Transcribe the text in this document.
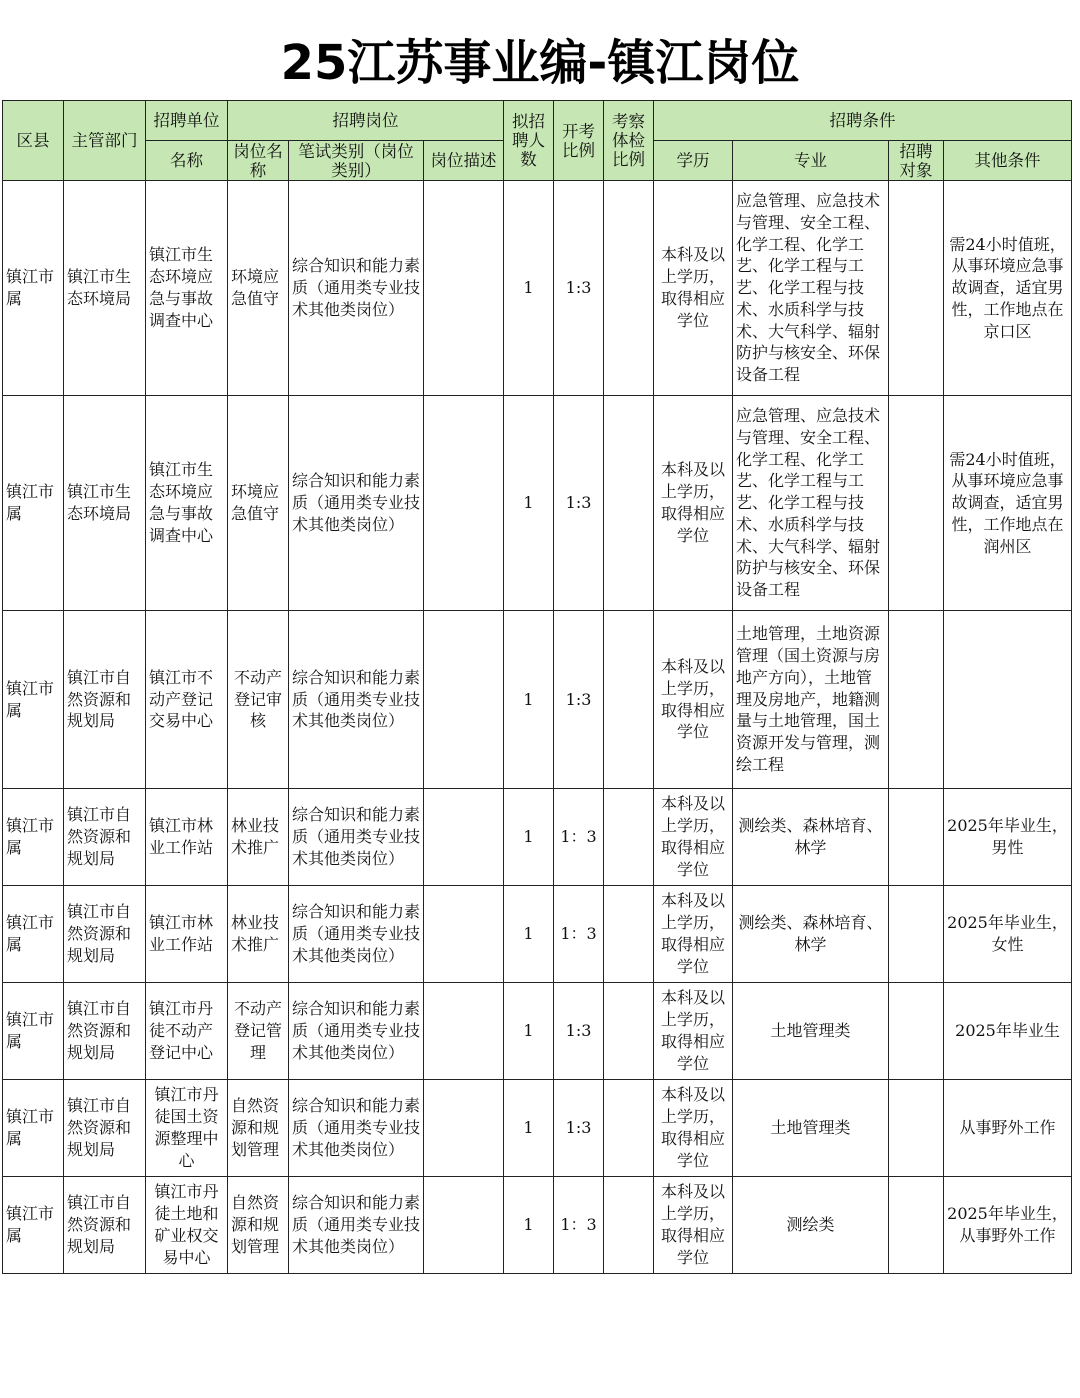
25江苏事业编-镇江岗位
区县	主管部门	招聘单位	招聘岗位			拟招聘人数	开考比例	考察体检比例	招聘条件			
		名称	岗位名称	笔试类别（岗位类别）	岗位描述				学历	专业	招聘对象	其他条件
镇江市属	镇江市生态环境局	镇江市生态环境应急与事故调查中心	环境应急值守	综合知识和能力素质（通用类专业技术其他类岗位）		1	1:3		本科及以上学历，取得相应学位	应急管理、应急技术与管理、安全工程、化学工程、化学工艺、化学工程与工艺、化学工程与技术、水质科学与技术、大气科学、辐射防护与核安全、环保设备工程		需24小时值班，从事环境应急事故调查，适宜男性，工作地点在京口区
镇江市属	镇江市生态环境局	镇江市生态环境应急与事故调查中心	环境应急值守	综合知识和能力素质（通用类专业技术其他类岗位）		1	1:3		本科及以上学历，取得相应学位	应急管理、应急技术与管理、安全工程、化学工程、化学工艺、化学工程与工艺、化学工程与技术、水质科学与技术、大气科学、辐射防护与核安全、环保设备工程		需24小时值班，从事环境应急事故调查，适宜男性，工作地点在润州区
镇江市属	镇江市自然资源和规划局	镇江市不动产登记交易中心	不动产登记审核	综合知识和能力素质（通用类专业技术其他类岗位）		1	1:3		本科及以上学历，取得相应学位	土地管理，土地资源管理（国土资源与房地产方向），土地管理及房地产，地籍测量与土地管理，国土资源开发与管理，测绘工程		
镇江市属	镇江市自然资源和规划局	镇江市林业工作站	林业技术推广	综合知识和能力素质（通用类专业技术其他类岗位）		1	1：3		本科及以上学历，取得相应学位	测绘类、森林培育、林学		2025年毕业生，男性
镇江市属	镇江市自然资源和规划局	镇江市林业工作站	林业技术推广	综合知识和能力素质（通用类专业技术其他类岗位）		1	1：3		本科及以上学历，取得相应学位	测绘类、森林培育、林学		2025年毕业生，女性
镇江市属	镇江市自然资源和规划局	镇江市丹徒不动产登记中心	不动产登记管理	综合知识和能力素质（通用类专业技术其他类岗位）		1	1:3		本科及以上学历，取得相应学位	土地管理类		2025年毕业生
镇江市属	镇江市自然资源和规划局	镇江市丹徒国土资源整理中心	自然资源和规划管理	综合知识和能力素质（通用类专业技术其他类岗位）		1	1:3		本科及以上学历，取得相应学位	土地管理类		从事野外工作
镇江市属	镇江市自然资源和规划局	镇江市丹徒土地和矿业权交易中心	自然资源和规划管理	综合知识和能力素质（通用类专业技术其他类岗位）		1	1：3		本科及以上学历，取得相应学位	测绘类		2025年毕业生，从事野外工作
